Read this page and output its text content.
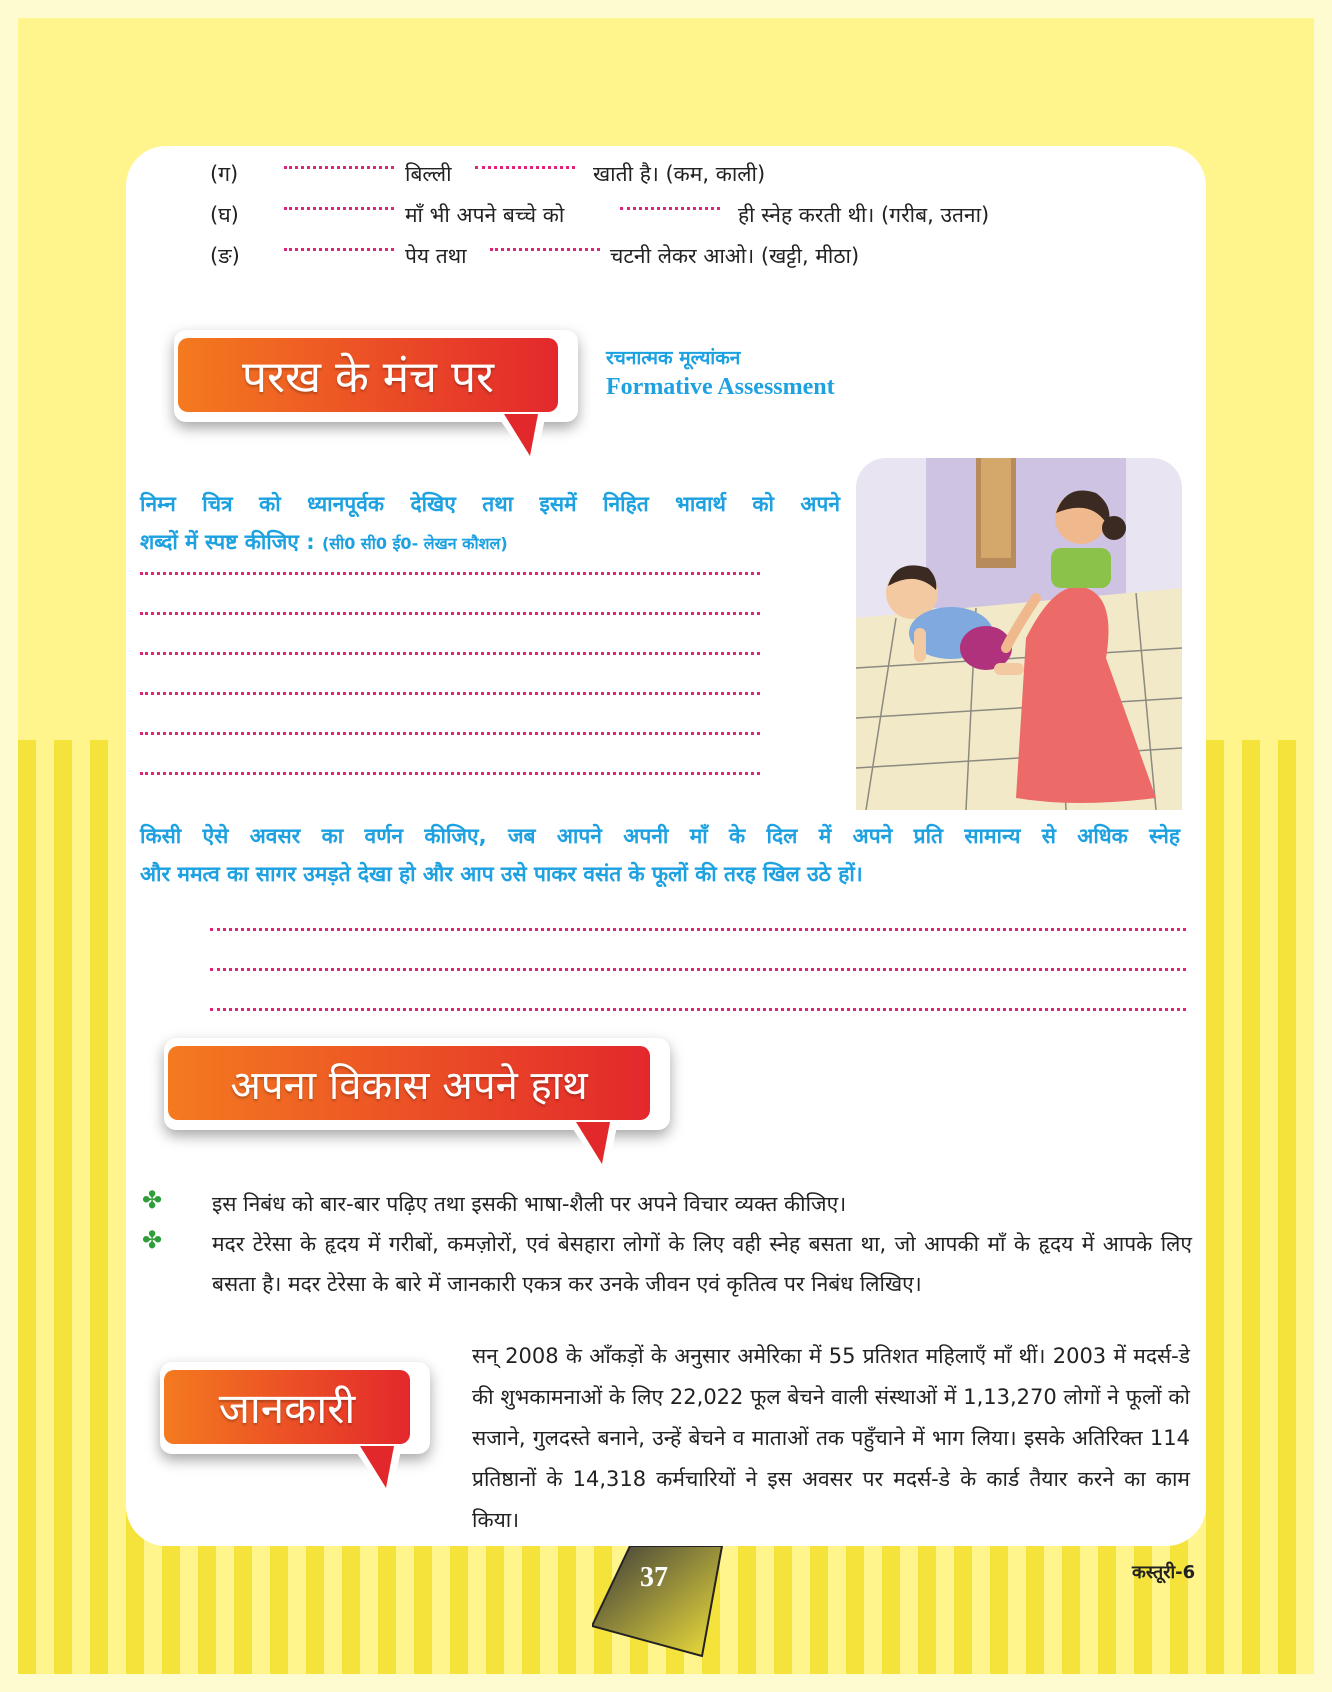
(ग)	बिल्ली	खाती है। (कम, काली)
(घ)	माँ भी अपने बच्चे को	ही स्नेह करती थी। (गरीब, उतना)
(ङ)	पेय तथा	चटनी लेकर आओ। (खट्टी, मीठा)
परख के मंच पर	रचनात्मक मूल्यांकन
Formative Assessment
निम्न चित्र को ध्यानपूर्वक देखिए तथा इसमें निहित भावार्थ को अपने
शब्दों में स्पष्ट कीजिए : (सी0 सी0 ई0- लेखन कौशल)
किसी ऐसे अवसर का वर्णन कीजिए, जब आपने अपनी माँ के दिल में अपने प्रति सामान्य से अधिक स्नेह
और ममत्व का सागर उमड़ते देखा हो और आप उसे पाकर वसंत के फूलों की तरह खिल उठे हों।
अपना विकास अपने हाथ
✤ इस निबंध को बार-बार पढ़िए तथा इसकी भाषा-शैली पर अपने विचार व्यक्त कीजिए।
✤ मदर टेरेसा के हृदय में गरीबों, कमज़ोरों, एवं बेसहारा लोगों के लिए वही स्नेह बसता था, जो आपकी माँ के हृदय में आपके लिए बसता है। मदर टेरेसा के बारे में जानकारी एकत्र कर उनके जीवन एवं कृतित्व पर निबंध लिखिए।
जानकारी
सन् 2008 के आँकड़ों के अनुसार अमेरिका में 55 प्रतिशत महिलाएँ माँ थीं। 2003 में मदर्स-डे की शुभकामनाओं के लिए 22,022 फूल बेचने वाली संस्थाओं में 1,13,270 लोगों ने फूलों को सजाने, गुलदस्ते बनाने, उन्हें बेचने व माताओं तक पहुँचाने में भाग लिया। इसके अतिरिक्त 114 प्रतिष्ठानों के 14,318 कर्मचारियों ने इस अवसर पर मदर्स-डे के कार्ड तैयार करने का काम किया।
37	कस्तूरी-6
